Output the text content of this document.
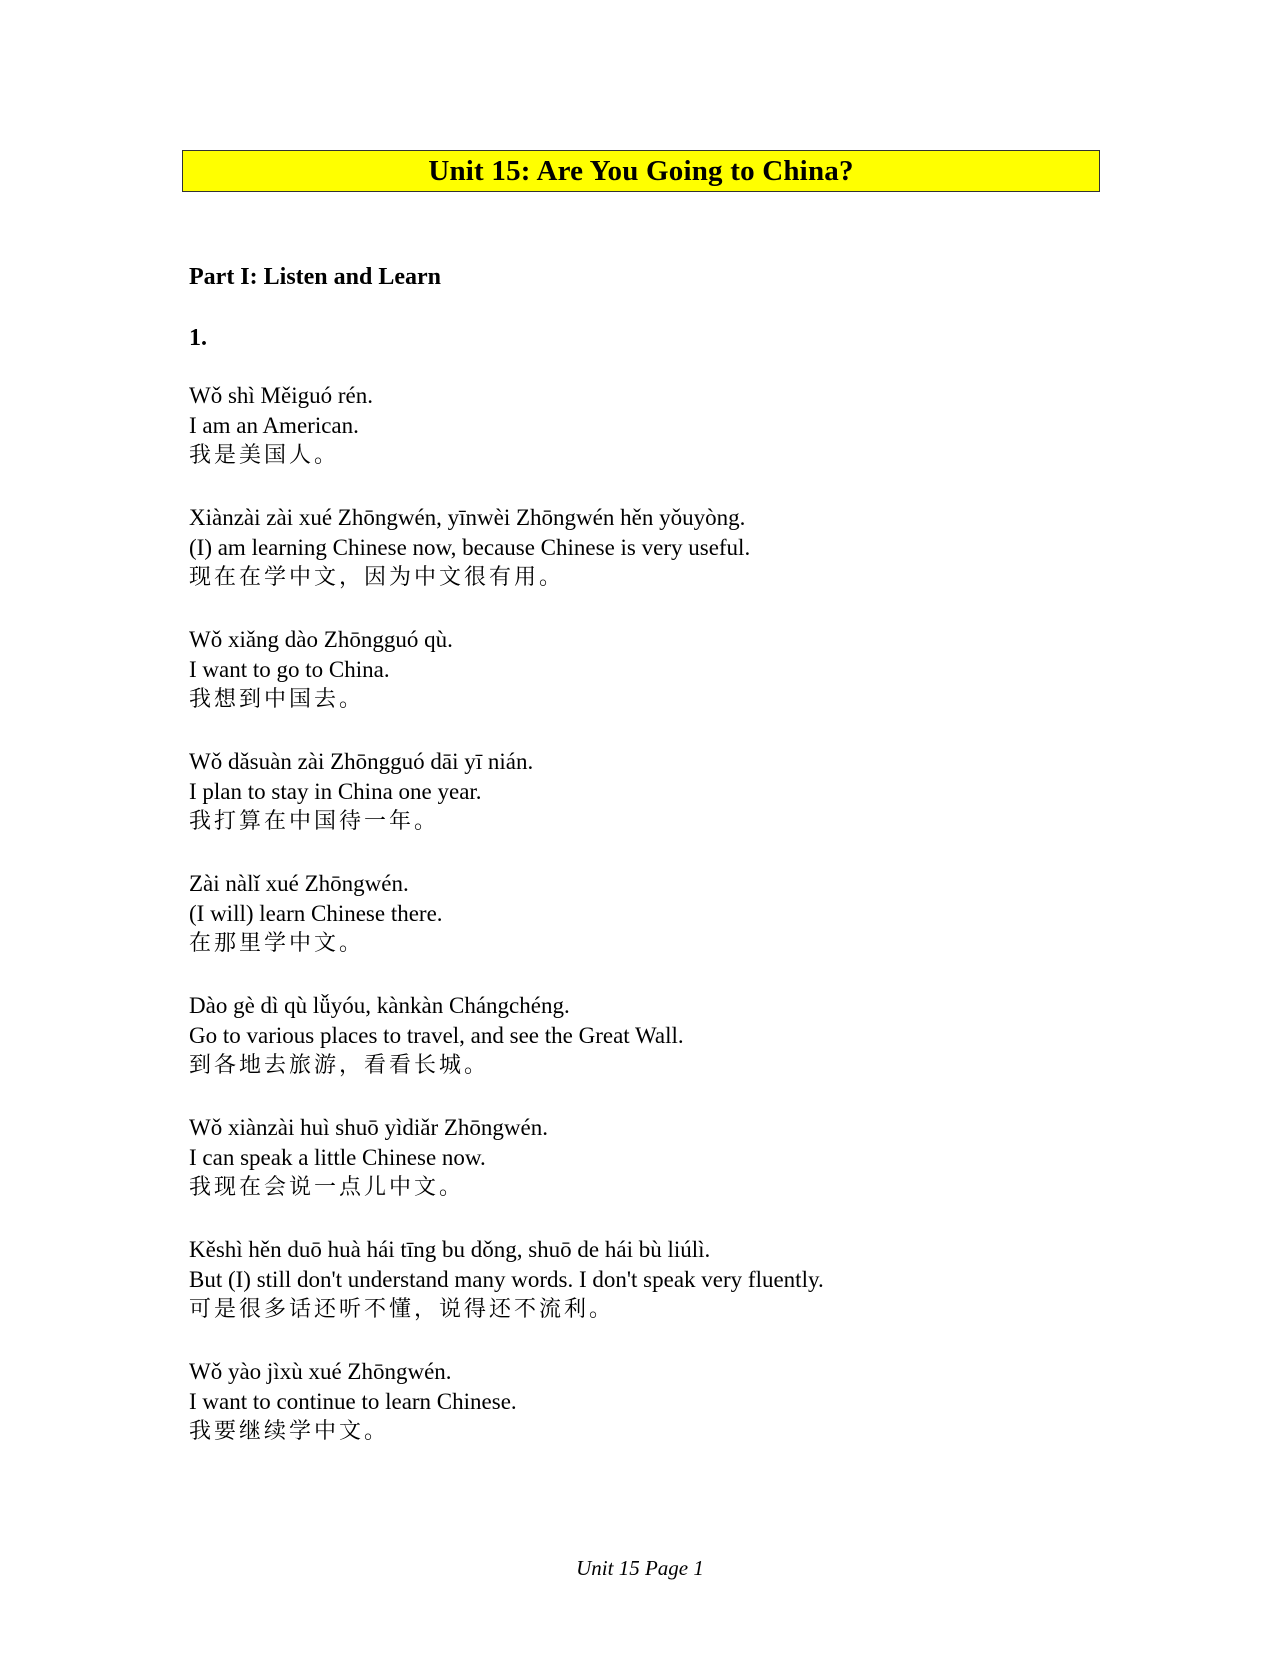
Unit 15: Are You Going to China?
Part I: Listen and Learn
1.
Wǒ shì Měiguó rén.
I am an American.
我是美国人。
Xiànzài zài xué Zhōngwén, yīnwèi Zhōngwén hěn yǒuyòng.
(I) am learning Chinese now, because Chinese is very useful.
现在在学中文，因为中文很有用。
Wǒ xiǎng dào Zhōngguó qù.
I want to go to China.
我想到中国去。
Wǒ dǎsuàn zài Zhōngguó dāi yī nián.
I plan to stay in China one year.
我打算在中国待一年。
Zài nàlǐ xué Zhōngwén.
(I will) learn Chinese there.
在那里学中文。
Dào gè dì qù lǚyóu, kànkàn Chángchéng.
Go to various places to travel, and see the Great Wall.
到各地去旅游，看看长城。
Wǒ xiànzài huì shuō yìdiǎr Zhōngwén.
I can speak a little Chinese now.
我现在会说一点儿中文。
Kěshì hěn duō huà hái tīng bu dǒng, shuō de hái bù liúlì.
But (I) still don't understand many words. I don't speak very fluently.
可是很多话还听不懂，说得还不流利。
Wǒ yào jìxù xué Zhōngwén.
I want to continue to learn Chinese.
我要继续学中文。
Unit 15 Page 1
